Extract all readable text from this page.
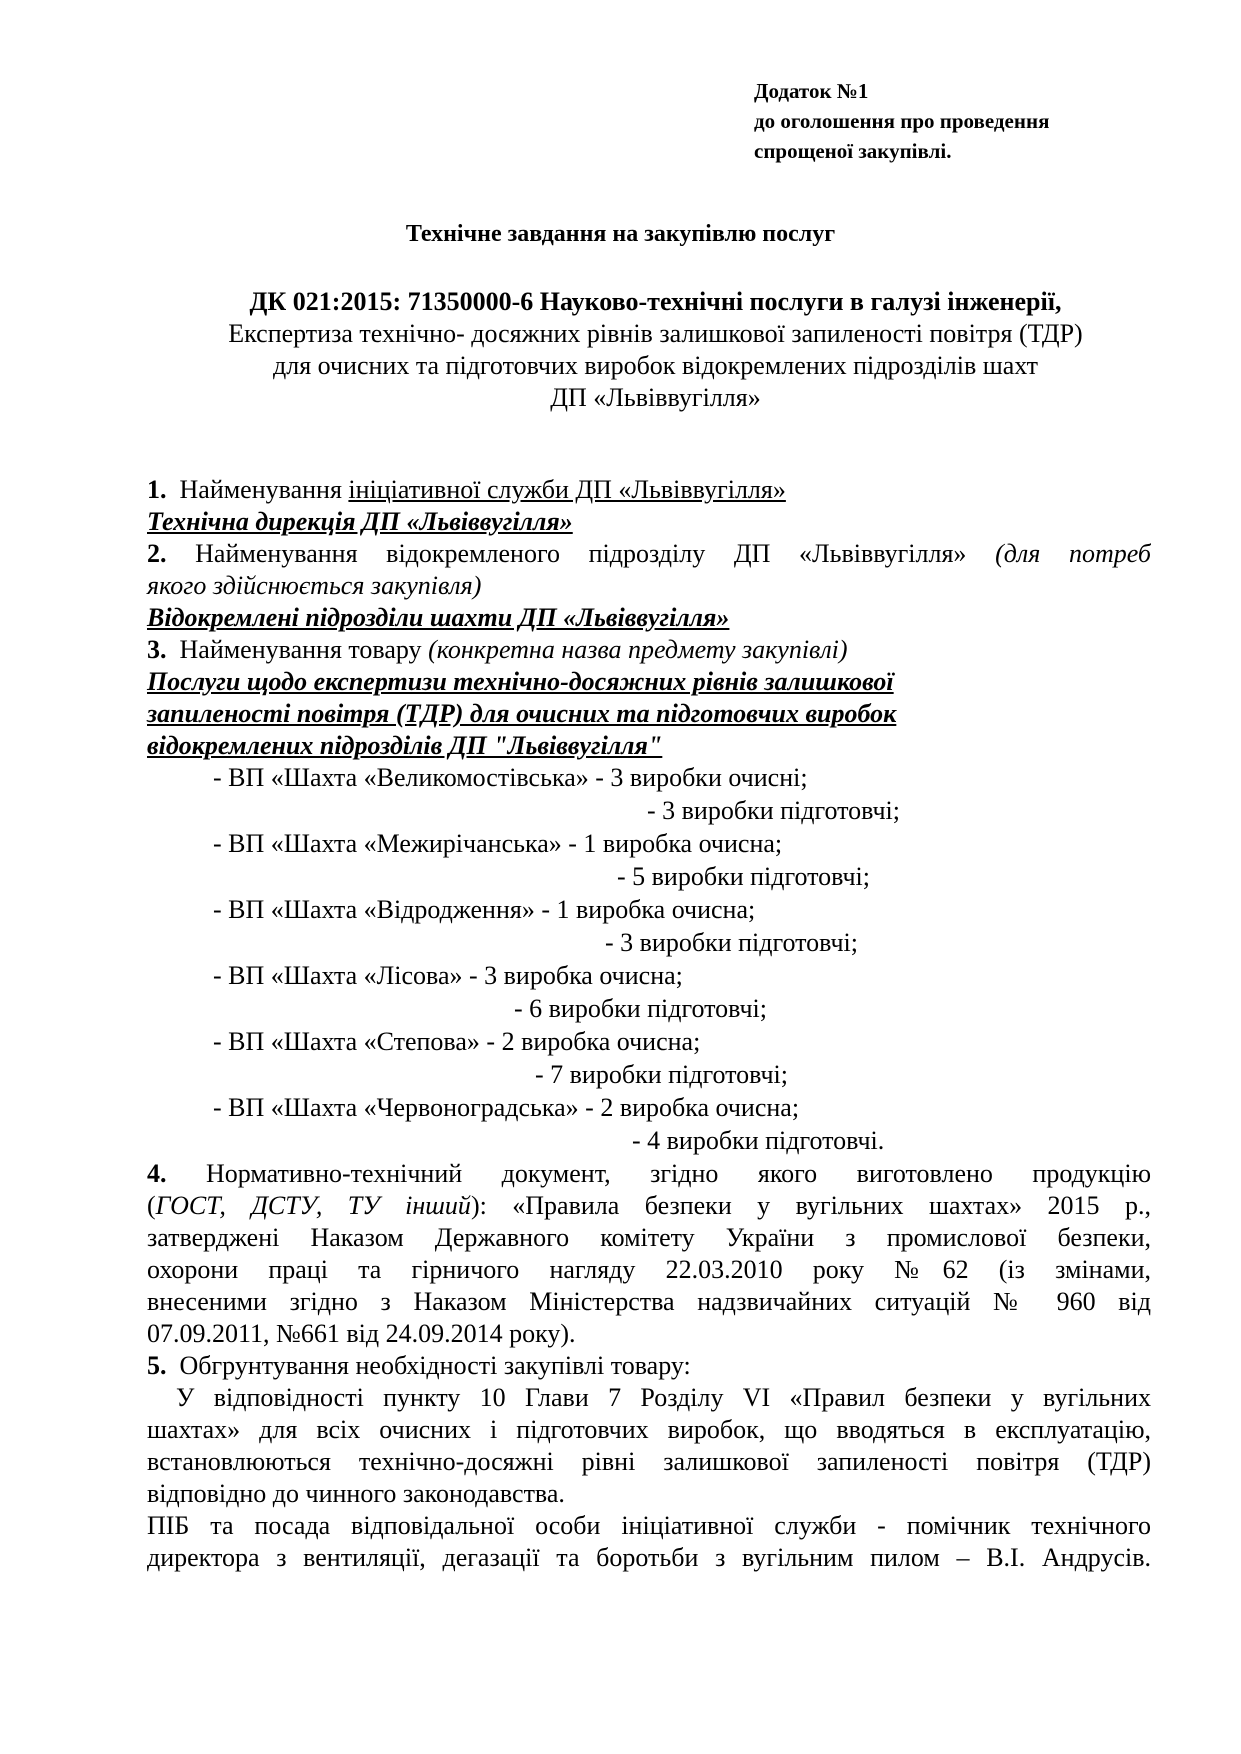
Додаток №1
до оголошення про проведення
спрощеної закупівлі.
Технічне завдання на закупівлю послуг
ДК 021:2015: 71350000-6 Науково-технічні послуги в галузі інженерії,
Експертиза технічно- досяжних рівнів залишкової запиленості повітря (ТДР)
для очисних та підготовчих виробок відокремлених підрозділів шахт
ДП «Львіввугілля»
1. Найменування ініціативної служби ДП «Львіввугілля»
Технічна дирекція ДП «Львіввугілля»
2. Найменування відокремленого підрозділу ДП «Львіввугілля» (для потреб
якого здійснюється закупівля)
Відокремлені підрозділи шахти ДП «Львіввугілля»
3. Найменування товару (конкретна назва предмету закупівлі)
Послуги щодо експертизи технічно-досяжних рівнів залишкової
запиленості повітря (ТДР) для очисних та підготовчих виробок
відокремлених підрозділів ДП "Львіввугілля"
- ВП «Шахта «Великомостівська» - 3 виробки очисні;
- 3 виробки підготовчі;
- ВП «Шахта «Межирічанська» - 1 виробка очисна;
- 5 виробки підготовчі;
- ВП «Шахта «Відродження» - 1 виробка очисна;
- 3 виробки підготовчі;
- ВП «Шахта «Лісова» - 3 виробка очисна;
- 6 виробки підготовчі;
- ВП «Шахта «Степова» - 2 виробка очисна;
- 7 виробки підготовчі;
- ВП «Шахта «Червоноградська» - 2 виробка очисна;
- 4 виробки підготовчі.
4. Нормативно-технічний документ, згідно якого виготовлено продукцію
(ГОСТ, ДСТУ, ТУ інший): «Правила безпеки у вугільних шахтах» 2015 р.,
затверджені Наказом Державного комітету України з промислової безпеки,
охорони праці та гірничого нагляду 22.03.2010 року №62 (із змінами,
внесеними згідно з Наказом Міністерства надзвичайних ситуацій № 960 від
07.09.2011, №661 від 24.09.2014 року).
5. Обгрунтування необхідності закупівлі товару:
У відповідності пункту 10 Глави 7 Розділу VI «Правил безпеки у вугільних
шахтах» для всіх очисних і підготовчих виробок, що вводяться в експлуатацію,
встановлюються технічно-досяжні рівні залишкової запиленості повітря (ТДР)
відповідно до чинного законодавства.
ПІБ та посада відповідальної особи ініціативної служби - помічник технічного
директора з вентиляції, дегазації та боротьби з вугільним пилом – В.І. Андрусів.
